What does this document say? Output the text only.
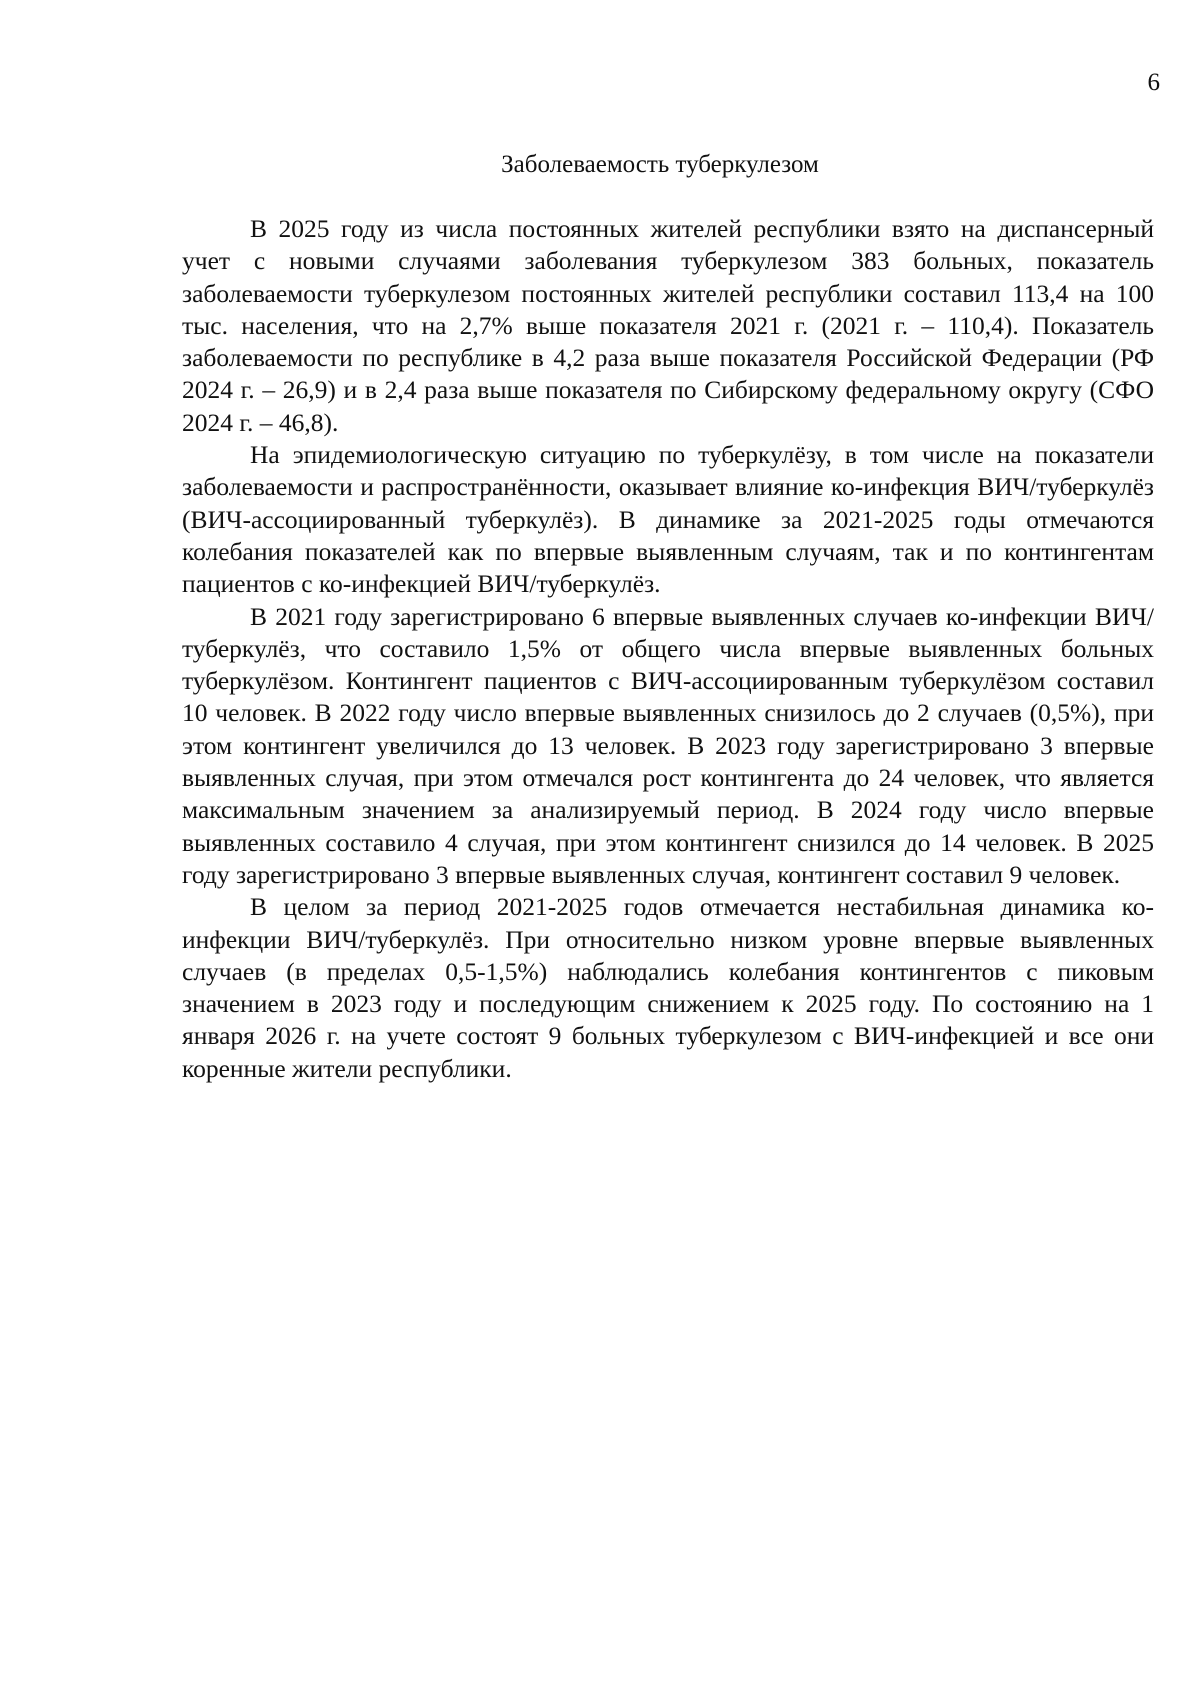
6
Заболеваемость туберкулезом

В 2025 году из числа постоянных жителей республики взято на диспансерный учет с новыми случаями заболевания туберкулезом 383 больных, показатель заболеваемости туберкулезом постоянных жителей республики составил 113,4 на 100 тыс. населения, что на 2,7% выше показателя 2021 г. (2021 г. – 110,4). Показатель заболеваемости по республике в 4,2 раза выше показателя Российской Федерации (РФ 2024 г. – 26,9) и в 2,4 раза выше показателя по Сибирскому федеральному округу (СФО 2024 г. – 46,8).

На эпидемиологическую ситуацию по туберкулёзу, в том числе на показатели заболеваемости и распространённости, оказывает влияние ко-инфекция ВИЧ/туберкулёз (ВИЧ-ассоциированный туберкулёз). В динамике за 2021-2025 годы отмечаются колебания показателей как по впервые выявленным случаям, так и по контингентам пациентов с ко-инфекцией ВИЧ/туберкулёз.

В 2021 году зарегистрировано 6 впервые выявленных случаев ко-инфекции ВИЧ/туберкулёз, что составило 1,5% от общего числа впервые выявленных больных туберкулёзом. Контингент пациентов с ВИЧ-ассоциированным туберкулёзом составил 10 человек. В 2022 году число впервые выявленных снизилось до 2 случаев (0,5%), при этом контингент увеличился до 13 человек. В 2023 году зарегистрировано 3 впервые выявленных случая, при этом отмечался рост контингента до 24 человек, что является максимальным значением за анализируемый период. В 2024 году число впервые выявленных составило 4 случая, при этом контингент снизился до 14 человек. В 2025 году зарегистрировано 3 впервые выявленных случая, контингент составил 9 человек.

В целом за период 2021-2025 годов отмечается нестабильная динамика ко-инфекции ВИЧ/туберкулёз. При относительно низком уровне впервые выявленных случаев (в пределах 0,5-1,5%) наблюдались колебания контингентов с пиковым значением в 2023 году и последующим снижением к 2025 году. По состоянию на 1 января 2026 г. на учете состоят 9 больных туберкулезом с ВИЧ-инфекцией и все они коренные жители республики.
